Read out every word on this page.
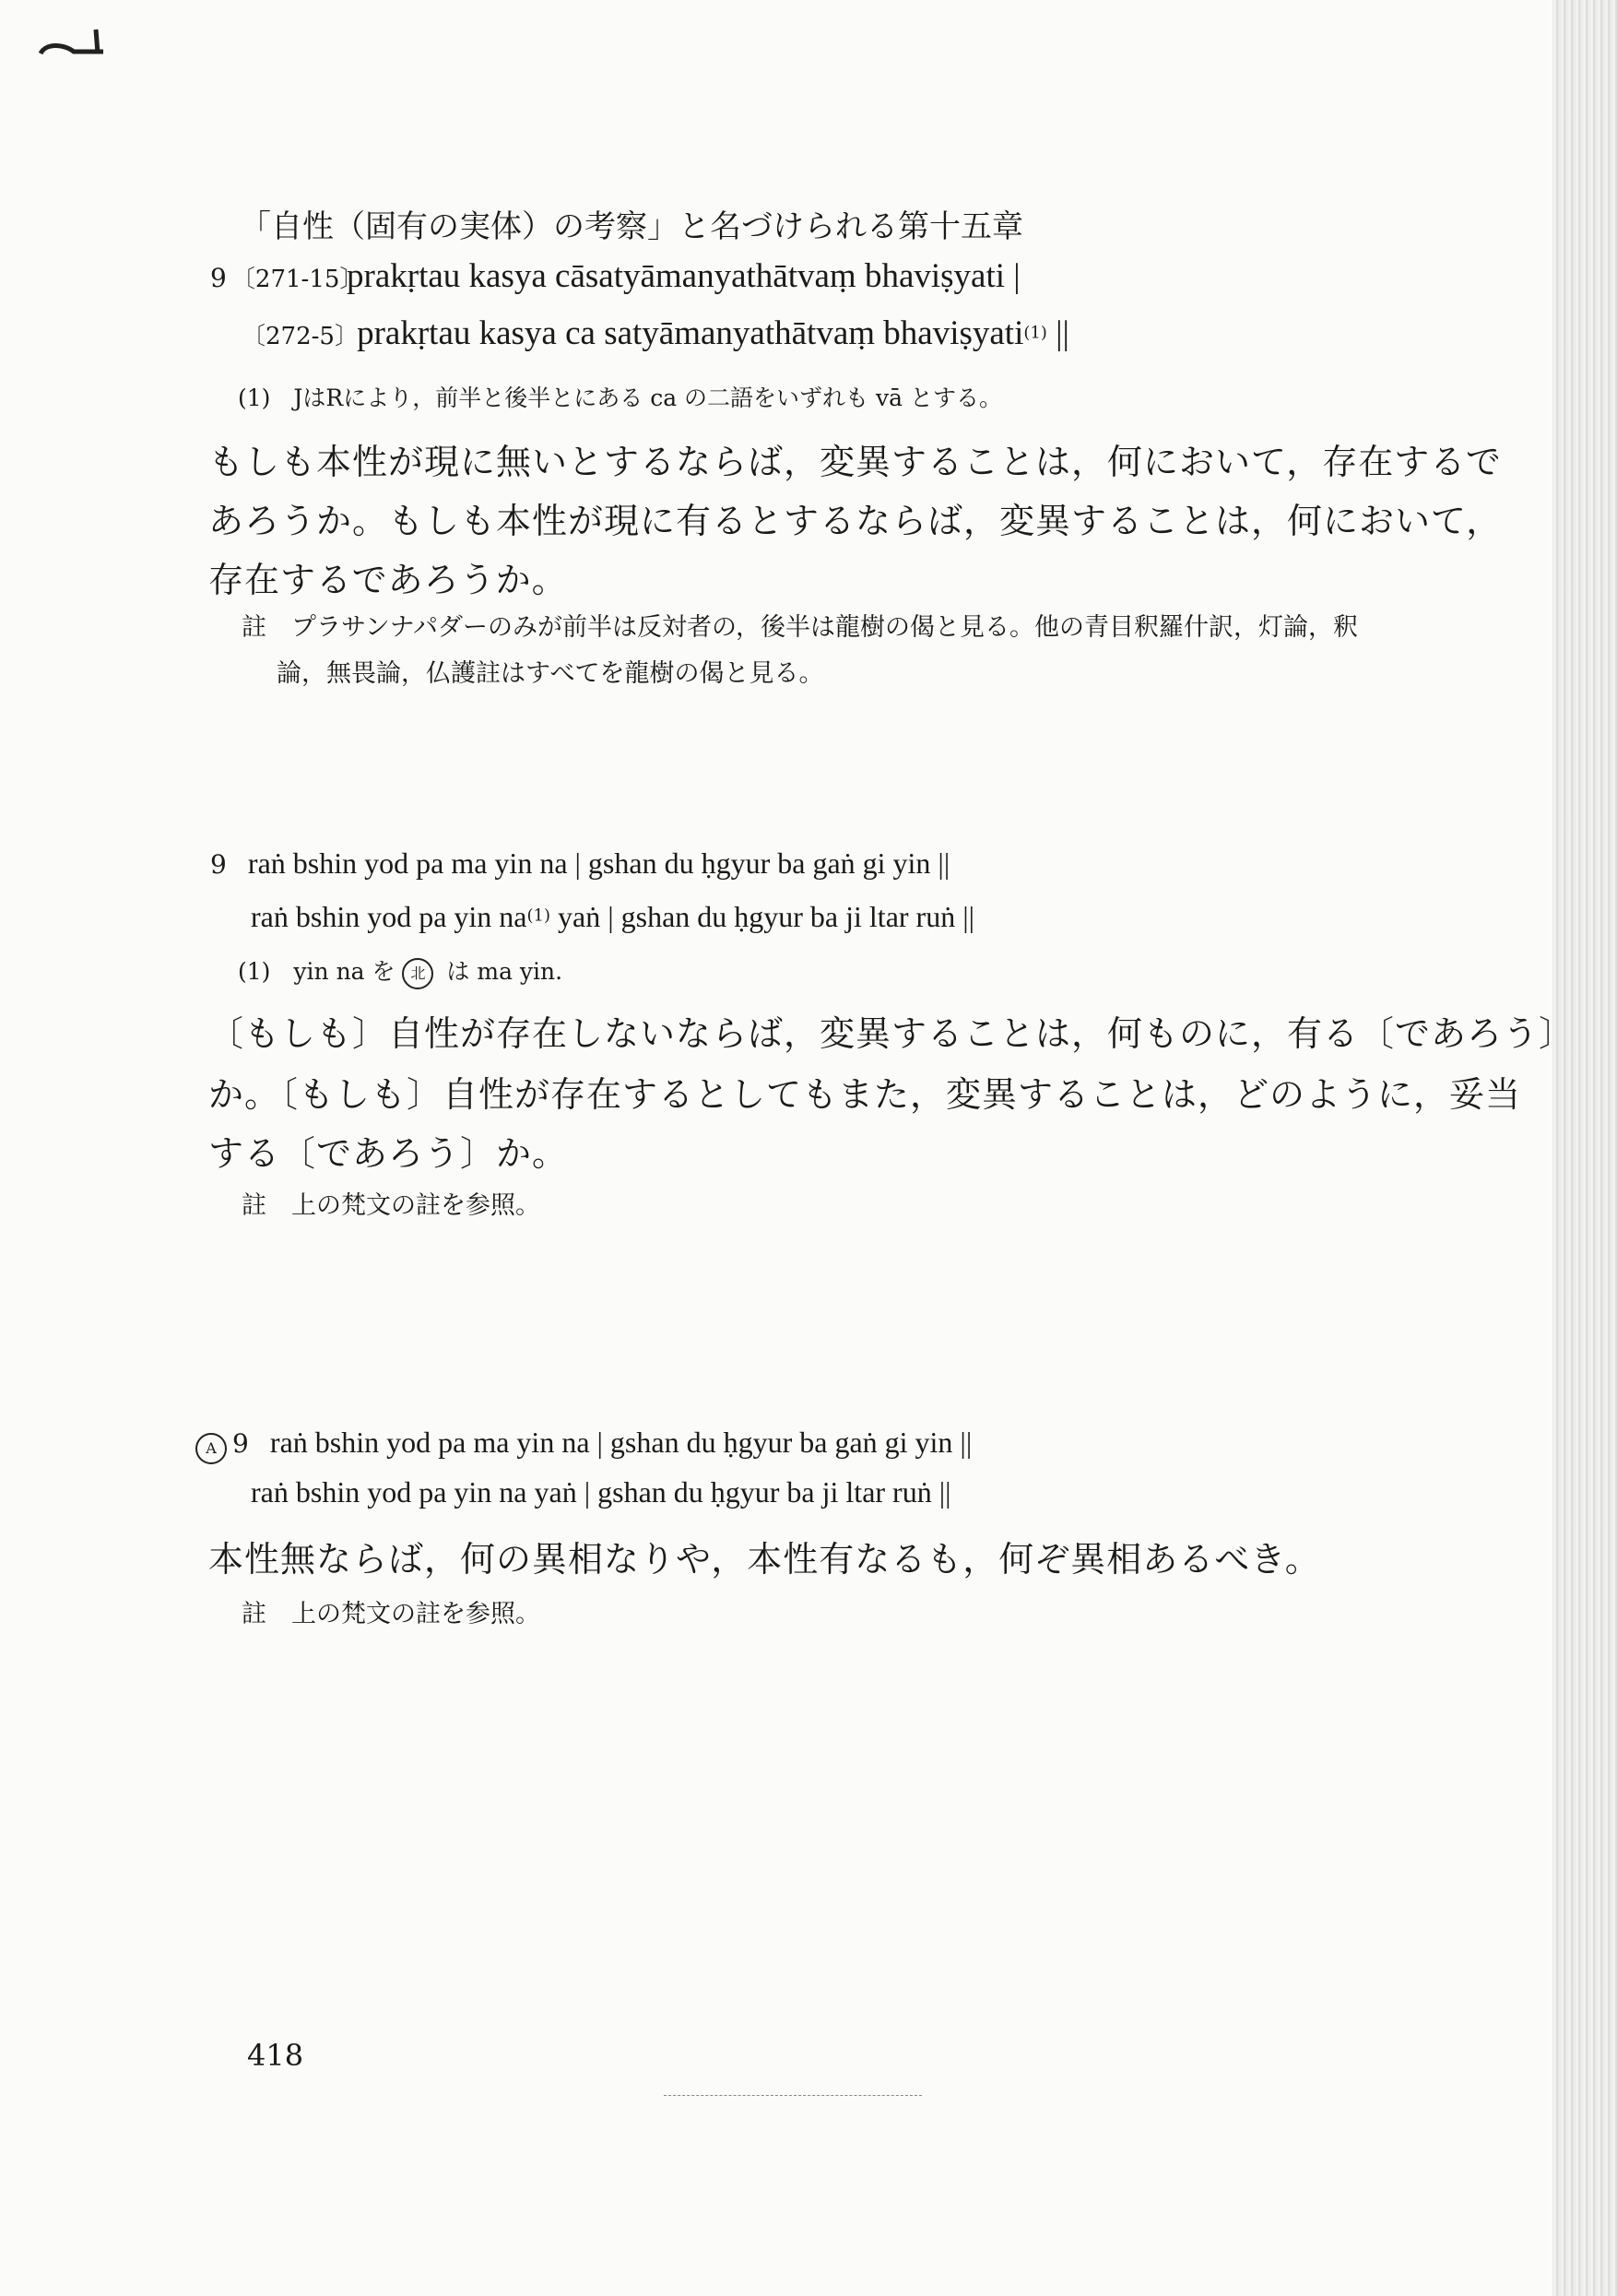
「自性（固有の実体）の考察」と名づけられる第十五章
9 〔271-15〕 prakṛtau kasya cāsatyāmanyathātvaṃ bhaviṣyati |
〔272-5〕 prakṛtau kasya ca satyāmanyathātvaṃ bhaviṣyati(1) ||
(1)　JはRにより，前半と後半とにある ca の二語をいずれも vā とする。
もしも本性が現に無いとするならば，変異することは，何において，存在するで
あろうか。もしも本性が現に有るとするならば，変異することは，何において，
存在するであろうか。
註　プラサンナパダーのみが前半は反対者の，後半は龍樹の偈と見る。他の青目釈羅什訳，灯論，釈
論，無畏論，仏護註はすべてを龍樹の偈と見る。
9 raṅ bshin yod pa ma yin na | gshan du ḥgyur ba gaṅ gi yin ||
raṅ bshin yod pa yin na(1) yaṅ | gshan du ḥgyur ba ji ltar ruṅ ||
(1)　yin na を 北 は ma yin.
〔もしも〕自性が存在しないならば，変異することは，何ものに，有る〔であろう〕
か。〔もしも〕自性が存在するとしてもまた，変異することは，どのように，妥当
する〔であろう〕か。
註　上の梵文の註を参照。
A 9 raṅ bshin yod pa ma yin na | gshan du ḥgyur ba gaṅ gi yin ||
raṅ bshin yod pa yin na yaṅ | gshan du ḥgyur ba ji ltar ruṅ ||
本性無ならば，何の異相なりや，本性有なるも，何ぞ異相あるべき。
註　上の梵文の註を参照。
418
